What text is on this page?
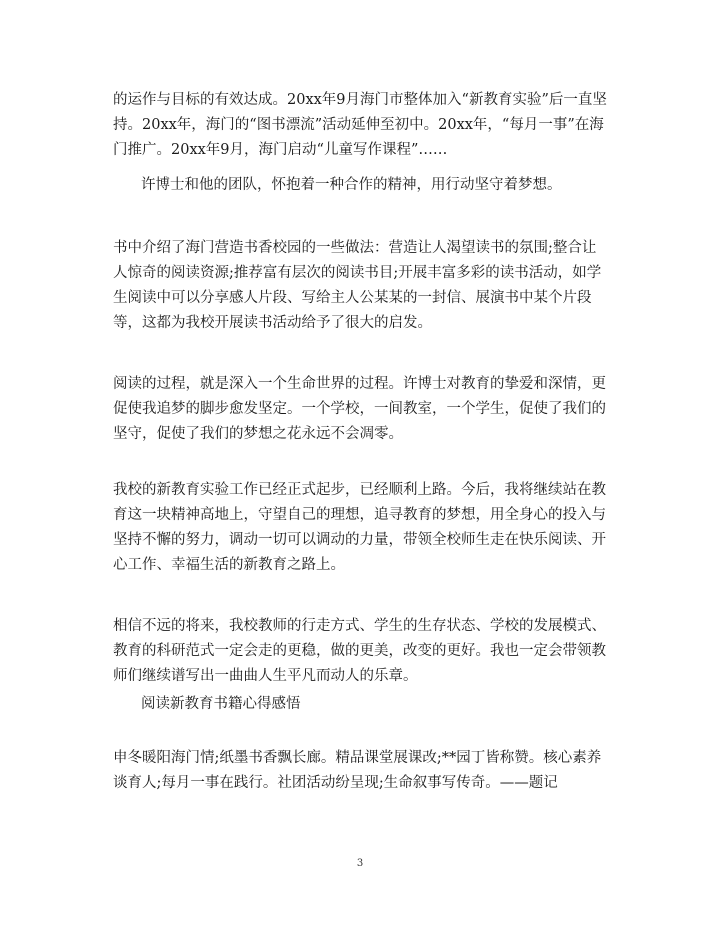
的运作与目标的有效达成。20xx年9月海门市整体加入“新教育实验”后一直坚持。20xx年，海门的“图书漂流”活动延伸至初中。20xx年，“每月一事”在海门推广。20xx年9月，海门启动“儿童写作课程”……

许博士和他的团队，怀抱着一种合作的精神，用行动坚守着梦想。

书中介绍了海门营造书香校园的一些做法：营造让人渴望读书的氛围;整合让人惊奇的阅读资源;推荐富有层次的阅读书目;开展丰富多彩的读书活动，如学生阅读中可以分享感人片段、写给主人公某某的一封信、展演书中某个片段等，这都为我校开展读书活动给予了很大的启发。

阅读的过程，就是深入一个生命世界的过程。许博士对教育的挚爱和深情，更促使我追梦的脚步愈发坚定。一个学校，一间教室，一个学生，促使了我们的坚守，促使了我们的梦想之花永远不会凋零。

我校的新教育实验工作已经正式起步，已经顺利上路。今后，我将继续站在教育这一块精神高地上，守望自己的理想，追寻教育的梦想，用全身心的投入与坚持不懈的努力，调动一切可以调动的力量，带领全校师生走在快乐阅读、开心工作、幸福生活的新教育之路上。

相信不远的将来，我校教师的行走方式、学生的生存状态、学校的发展模式、教育的科研范式一定会走的更稳，做的更美，改变的更好。我也一定会带领教师们继续谱写出一曲曲人生平凡而动人的乐章。

阅读新教育书籍心得感悟

申冬暖阳海门情;纸墨书香飘长廊。精品课堂展课改;**园丁皆称赞。核心素养谈育人;每月一事在践行。社团活动纷呈现;生命叙事写传奇。——题记

3
